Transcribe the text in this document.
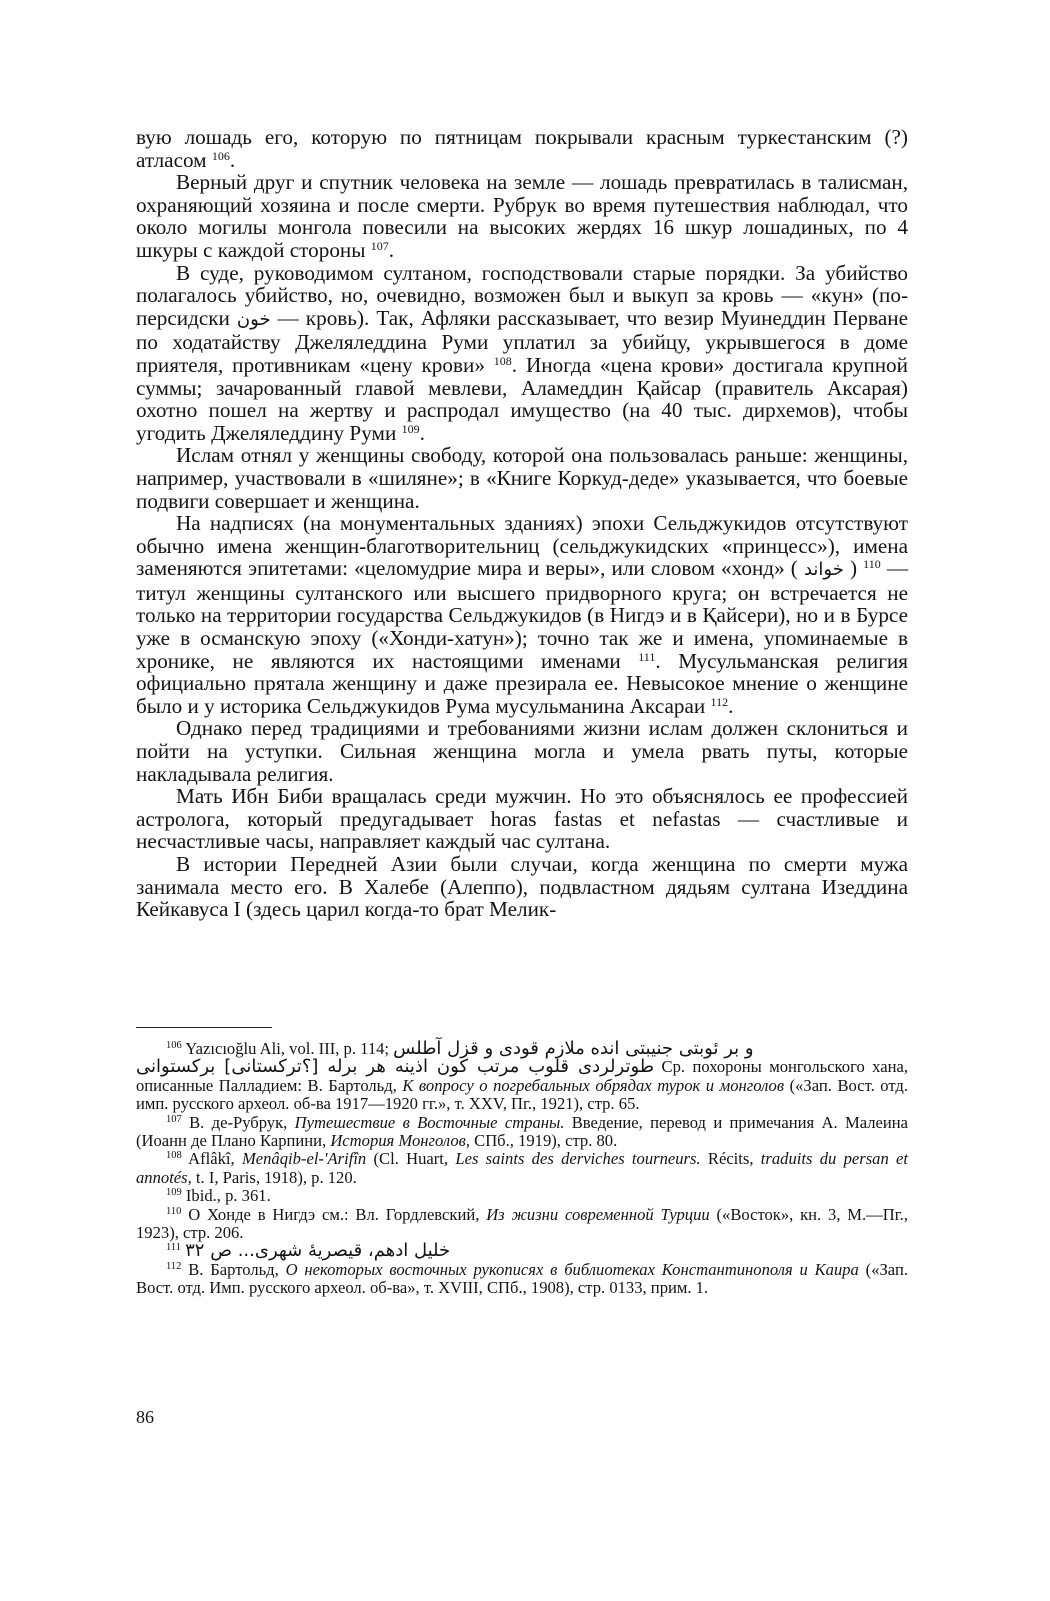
вую лошадь его, которую по пятницам покрывали красным туркестанским (?) атласом $^{106}$.

Верный друг и спутник человека на земле — лошадь превратилась в талисман, охраняющий хозяина и после смерти. Рубрук во время путешествия наблюдал, что около могилы монгола повесили на высоких жердях 16 шкур лошадиных, по 4 шкуры с каждой стороны $^{107}$.

В суде, руководимом султаном, господствовали старые порядки. За убийство полагалось убийство, но, очевидно, возможен был и выкуп за кровь — «кун» (по-персидски خون — кровь). Так, Афляки рассказывает, что везир Муинеддин Перване по ходатайству Джеляледдина Руми уплатил за убийцу, укрывшегося в доме приятеля, противникам «цену крови» $^{108}$. Иногда «цена крови» достигала крупной суммы; зачарованный главой мевлеви, Аламеддин Қайсар (правитель Аксарая) охотно пошел на жертву и распродал имущество (на 40 тыс. дирхемов), чтобы угодить Джеляледдину Руми $^{109}$.

Ислам отнял у женщины свободу, которой она пользовалась раньше: женщины, например, участвовали в «шиляне»; в «Книге Коркуд-деде» указывается, что боевые подвиги совершает и женщина.

На надписях (на монументальных зданиях) эпохи Сельджукидов отсутствуют обычно имена женщин-благотворительниц (сельджукидских «принцесс»), имена заменяются эпитетами: «целомудрие мира и веры», или словом «хонд» ( خواند ) $^{110}$ — титул женщины султанского или высшего придворного круга; он встречается не только на территории государства Сельджукидов (в Нигдэ и в Қайсери), но и в Бурсе уже в османскую эпоху («Хонди-хатун»); точно так же и имена, упоминаемые в хронике, не являются их настоящими именами $^{111}$. Мусульманская религия официально прятала женщину и даже презирала ее. Невысокое мнение о женщине было и у историка Сельджукидов Рума мусульманина Аксараи $^{112}$.

Однако перед традициями и требованиями жизни ислам должен склониться и пойти на уступки. Сильная женщина могла и умела рвать путы, которые накладывала религия.

Мать Ибн Биби вращалась среди мужчин. Но это объяснялось ее профессией астролога, который предугадывает horas fastas et nefastas — счастливые и несчастливые часы, направляет каждый час султана.

В истории Передней Азии были случаи, когда женщина по смерти мужа занимала место его. В Халебе (Алеппо), подвластном дядьям султана Изеддина Кейкавуса I (здесь царил когда-то брат Мелик-

$^{106}$ Yazıcıoğlu Ali, vol. III, p. 114; و بر ئوبتى جنيبتى انده ملازم قودى و قزل آطلس
طوترلردى قلوب مرتب كون اذينه هر برله [؟تركستانى] بركستوانى Ср. похороны монгольского хана, описанные Палладием: В. Бартольд, К вопросу о погребальных обрядах турок и монголов («Зап. Вост. отд. имп. русского археол. об-ва 1917—1920 гг.», т. XXV, Пг., 1921), стр. 65.

$^{107}$ В. де-Рубрук, Путешествие в Восточные страны. Введение, перевод и примечания А. Малеина (Иоанн де Плано Карпини, История Монголов, СПб., 1919), стр. 80.

$^{108}$ Aflâkî, Menâqib-el-'Arifîn (Cl. Huart, Les saints des derviches tourneurs. Récits, traduits du persan et annotés, t. I, Paris, 1918), p. 120.

$^{109}$ Ibid., p. 361.

$^{110}$ О Хонде в Нигдэ см.: Вл. Гордлевский, Из жизни современной Турции («Восток», кн. 3, М.—Пг., 1923), стр. 206.

$^{111}$ خليل ادهم، قيصريهٔ شهرى... ص ۳۲

$^{112}$ В. Бартольд, О некоторых восточных рукописях в библиотеках Константинополя и Каира («Зап. Вост. отд. Имп. русского археол. об-ва», т. XVIII, СПб., 1908), стр. 0133, прим. 1.

86
